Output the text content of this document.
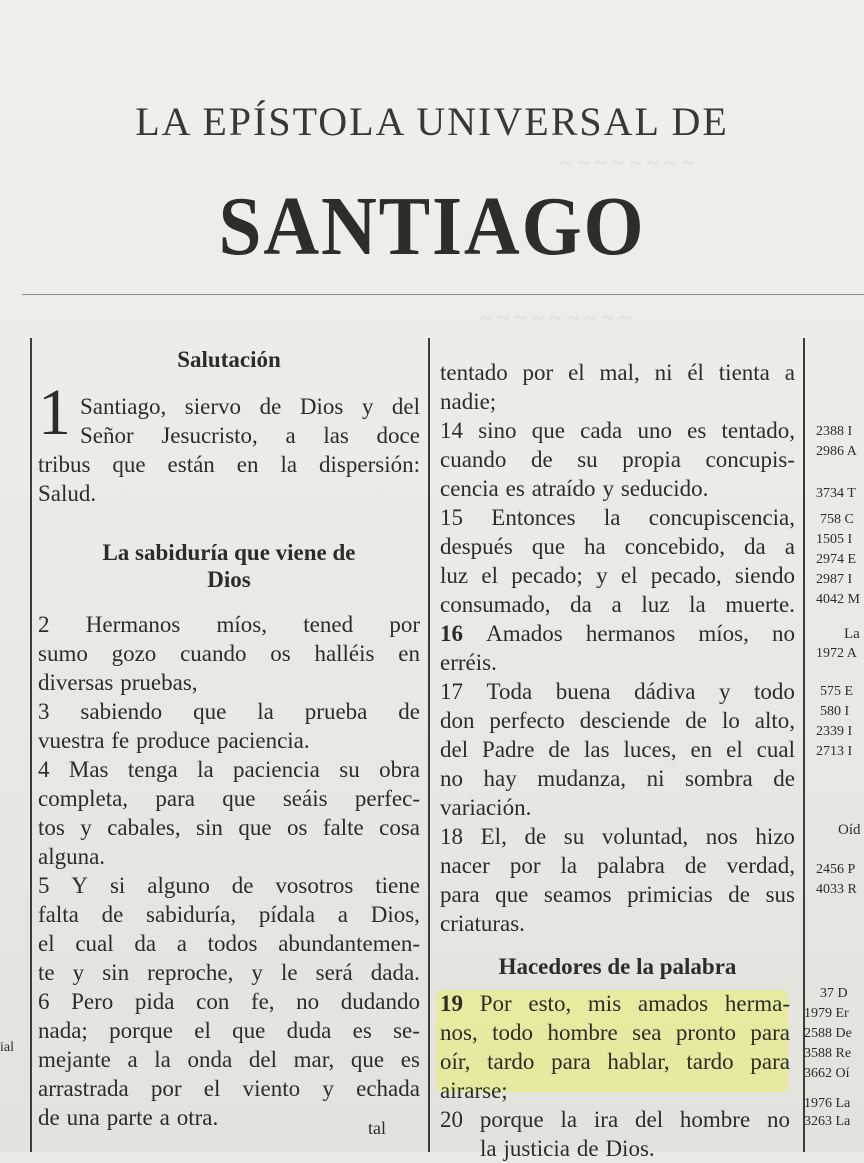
~ ~ ~ ~ ~ ~ ~ ~
~ ~ ~ ~ ~ ~ ~ ~ ~
LA EPÍSTOLA UNIVERSAL DE
SANTIAGO
Salutación
1 Santiago, siervo de Dios y del
Señor Jesucristo, a las doce
tribus que están en la dispersión:
Salud.
La sabiduría que viene de
Dios
2 Hermanos míos, tened por
sumo gozo cuando os halléis en
diversas pruebas,
3 sabiendo que la prueba de
vuestra fe produce paciencia.
4 Mas tenga la paciencia su obra
completa, para que seáis perfec-
tos y cabales, sin que os falte cosa
alguna.
5 Y si alguno de vosotros tiene
falta de sabiduría, pídala a Dios,
el cual da a todos abundantemen-
te y sin reproche, y le será dada.
6 Pero pida con fe, no dudando
nada; porque el que duda es se-
mejante a la onda del mar, que es
arrastrada por el viento y echada
de una parte a otra.
tentado por el mal, ni él tienta a
nadie;
14 sino que cada uno es tentado,
cuando de su propia concupis-
cencia es atraído y seducido.
15 Entonces la concupiscencia,
después que ha concebido, da a
luz el pecado; y el pecado, siendo
consumado, da a luz la muerte.
16 Amados hermanos míos, no
erréis.
17 Toda buena dádiva y todo
don perfecto desciende de lo alto,
del Padre de las luces, en el cual
no hay mudanza, ni sombra de
variación.
18 El, de su voluntad, nos hizo
nacer por la palabra de verdad,
para que seamos primicias de sus
criaturas.
Hacedores de la palabra
19 Por esto, mis amados herma-
nos, todo hombre sea pronto para
oír, tardo para hablar, tardo para
airarse;
20 porque la ira del hombre no
la justicia de Dios.
2388 I
2986 A
3734 T
758 C
1505 I
2974 E
2987 I
4042 M
La
1972 A
575 E
580 I
2339 I
2713 I
Oíd
2456 P
4033 R
37 D
1979 Er
2588 De
3588 Re
3662 Oí
1976 La
3263 La
ial
tal
